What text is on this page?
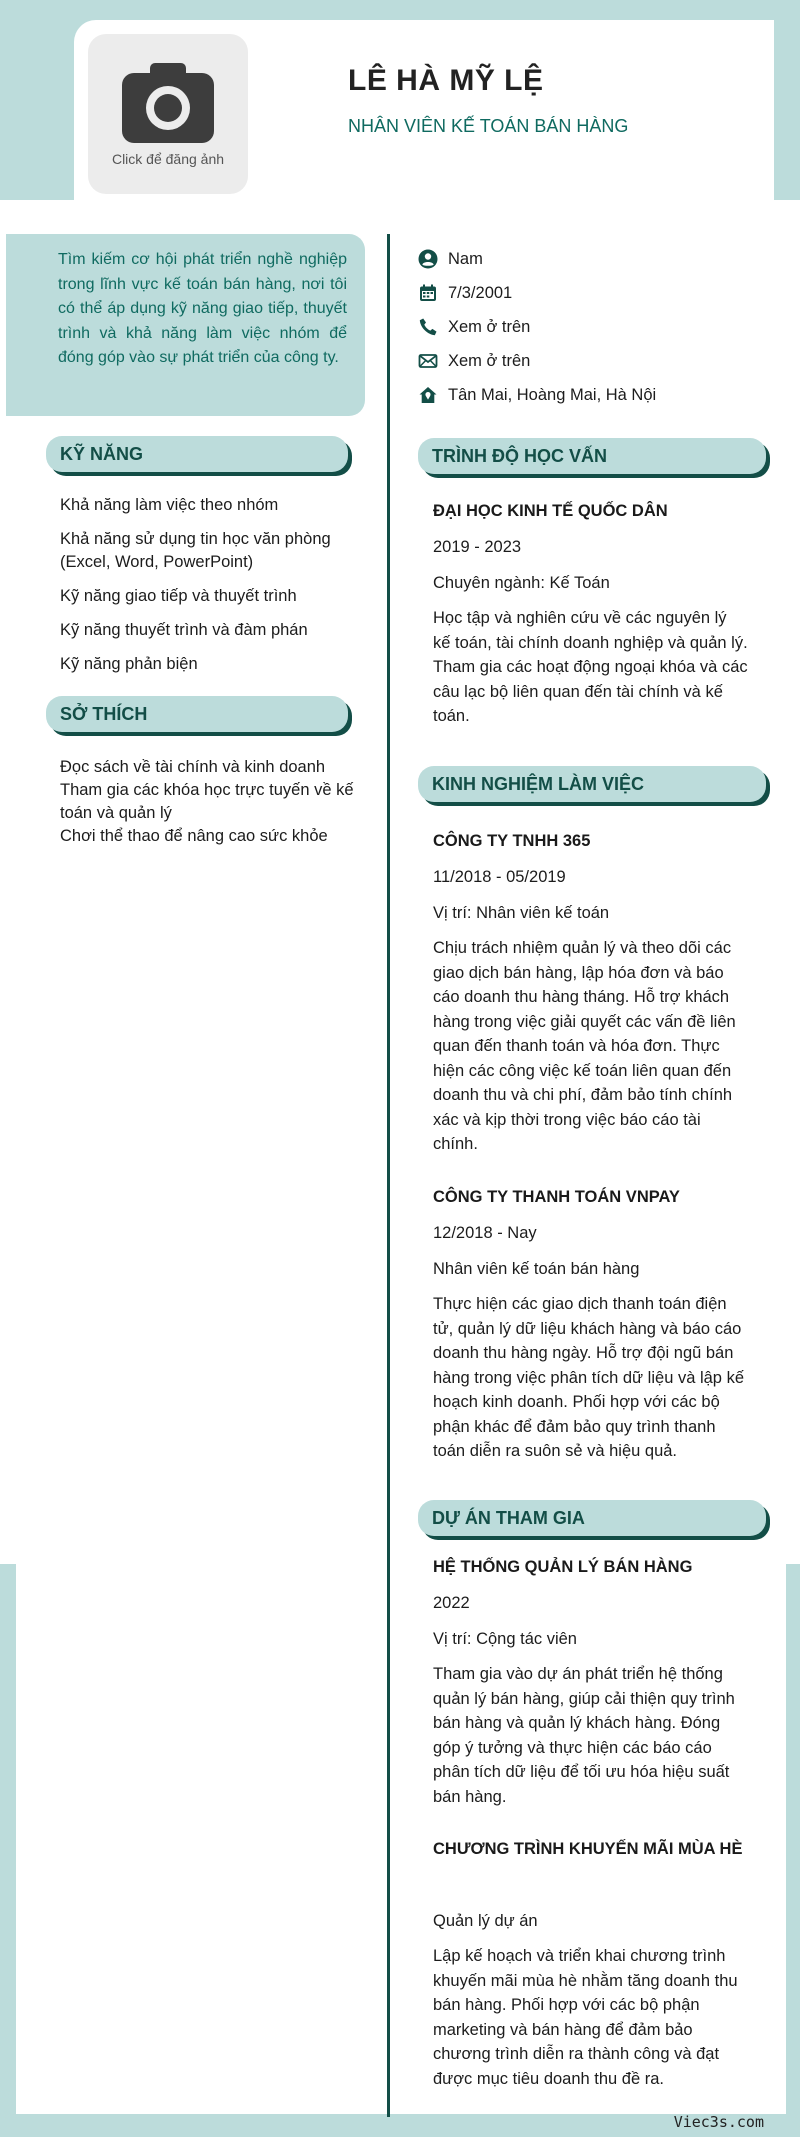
Click để đăng ảnh
LÊ HÀ MỸ LỆ
NHÂN VIÊN KẾ TOÁN BÁN HÀNG
Tìm kiếm cơ hội phát triển nghề nghiệp trong lĩnh vực kế toán bán hàng, nơi tôi có thể áp dụng kỹ năng giao tiếp, thuyết trình và khả năng làm việc nhóm để đóng góp vào sự phát triển của công ty.
KỸ NĂNG
Khả năng làm việc theo nhóm
Khả năng sử dụng tin học văn phòng (Excel, Word, PowerPoint)
Kỹ năng giao tiếp và thuyết trình
Kỹ năng thuyết trình và đàm phán
Kỹ năng phản biện
SỞ THÍCH
Đọc sách về tài chính và kinh doanh
Tham gia các khóa học trực tuyến về kế toán và quản lý
Chơi thể thao để nâng cao sức khỏe
Nam
7/3/2001
Xem ở trên
Xem ở trên
Tân Mai, Hoàng Mai, Hà Nội
TRÌNH ĐỘ HỌC VẤN
ĐẠI HỌC KINH TẾ QUỐC DÂN
2019 - 2023
Chuyên ngành: Kế Toán
Học tập và nghiên cứu về các nguyên lý kế toán, tài chính doanh nghiệp và quản lý. Tham gia các hoạt động ngoại khóa và các câu lạc bộ liên quan đến tài chính và kế toán.
KINH NGHIỆM LÀM VIỆC
CÔNG TY TNHH 365
11/2018 - 05/2019
Vị trí: Nhân viên kế toán
Chịu trách nhiệm quản lý và theo dõi các giao dịch bán hàng, lập hóa đơn và báo cáo doanh thu hàng tháng. Hỗ trợ khách hàng trong việc giải quyết các vấn đề liên quan đến thanh toán và hóa đơn. Thực hiện các công việc kế toán liên quan đến doanh thu và chi phí, đảm bảo tính chính xác và kịp thời trong việc báo cáo tài chính.
CÔNG TY THANH TOÁN VNPAY
12/2018 - Nay
Nhân viên kế toán bán hàng
Thực hiện các giao dịch thanh toán điện tử, quản lý dữ liệu khách hàng và báo cáo doanh thu hàng ngày. Hỗ trợ đội ngũ bán hàng trong việc phân tích dữ liệu và lập kế hoạch kinh doanh. Phối hợp với các bộ phận khác để đảm bảo quy trình thanh toán diễn ra suôn sẻ và hiệu quả.
DỰ ÁN THAM GIA
HỆ THỐNG QUẢN LÝ BÁN HÀNG
2022
Vị trí: Cộng tác viên
Tham gia vào dự án phát triển hệ thống quản lý bán hàng, giúp cải thiện quy trình bán hàng và quản lý khách hàng. Đóng góp ý tưởng và thực hiện các báo cáo phân tích dữ liệu để tối ưu hóa hiệu suất bán hàng.
CHƯƠNG TRÌNH KHUYẾN MÃI MÙA HÈ
Quản lý dự án
Lập kế hoạch và triển khai chương trình khuyến mãi mùa hè nhằm tăng doanh thu bán hàng. Phối hợp với các bộ phận marketing và bán hàng để đảm bảo chương trình diễn ra thành công và đạt được mục tiêu doanh thu đề ra.
Viec3s.com
